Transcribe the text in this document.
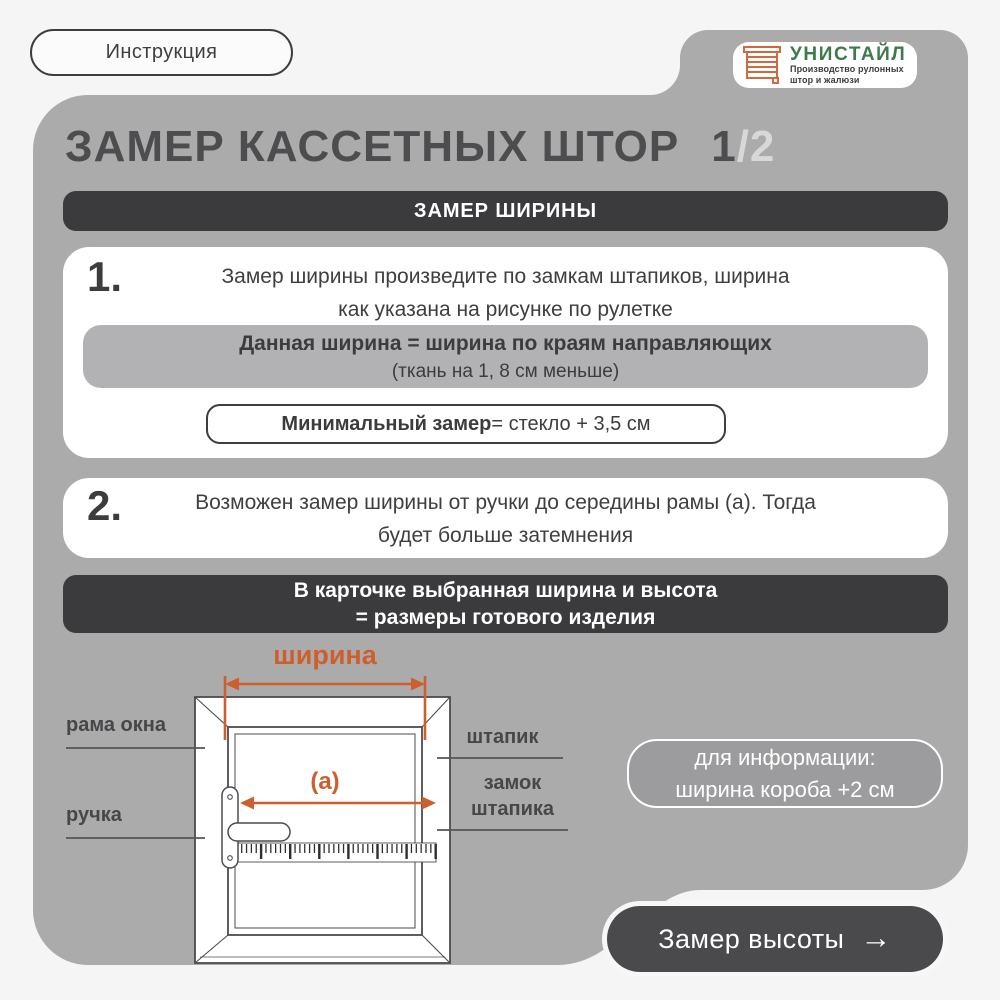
Инструкция	УНИСТАЙЛ
Производство рулонных
штор и жалюзи
ЗАМЕР КАССЕТНЫХ ШТОР 1/2
ЗАМЕР ШИРИНЫ
1.	Замер ширины произведите по замкам штапиков, ширина
как указана на рисунке по рулетке
Данная ширина = ширина по краям направляющих
(ткань на 1, 8 см меньше)
Минимальный замер = стекло + 3,5 см
2.	Возможен замер ширины от ручки до середины рамы (а). Тогда
будет больше затемнения
В карточке выбранная ширина и высота
= размеры готового изделия
ширина
(a)
рама окна
ручка
штапик
замок
штапика
для информации:
ширина короба +2 см
Замер высоты →
